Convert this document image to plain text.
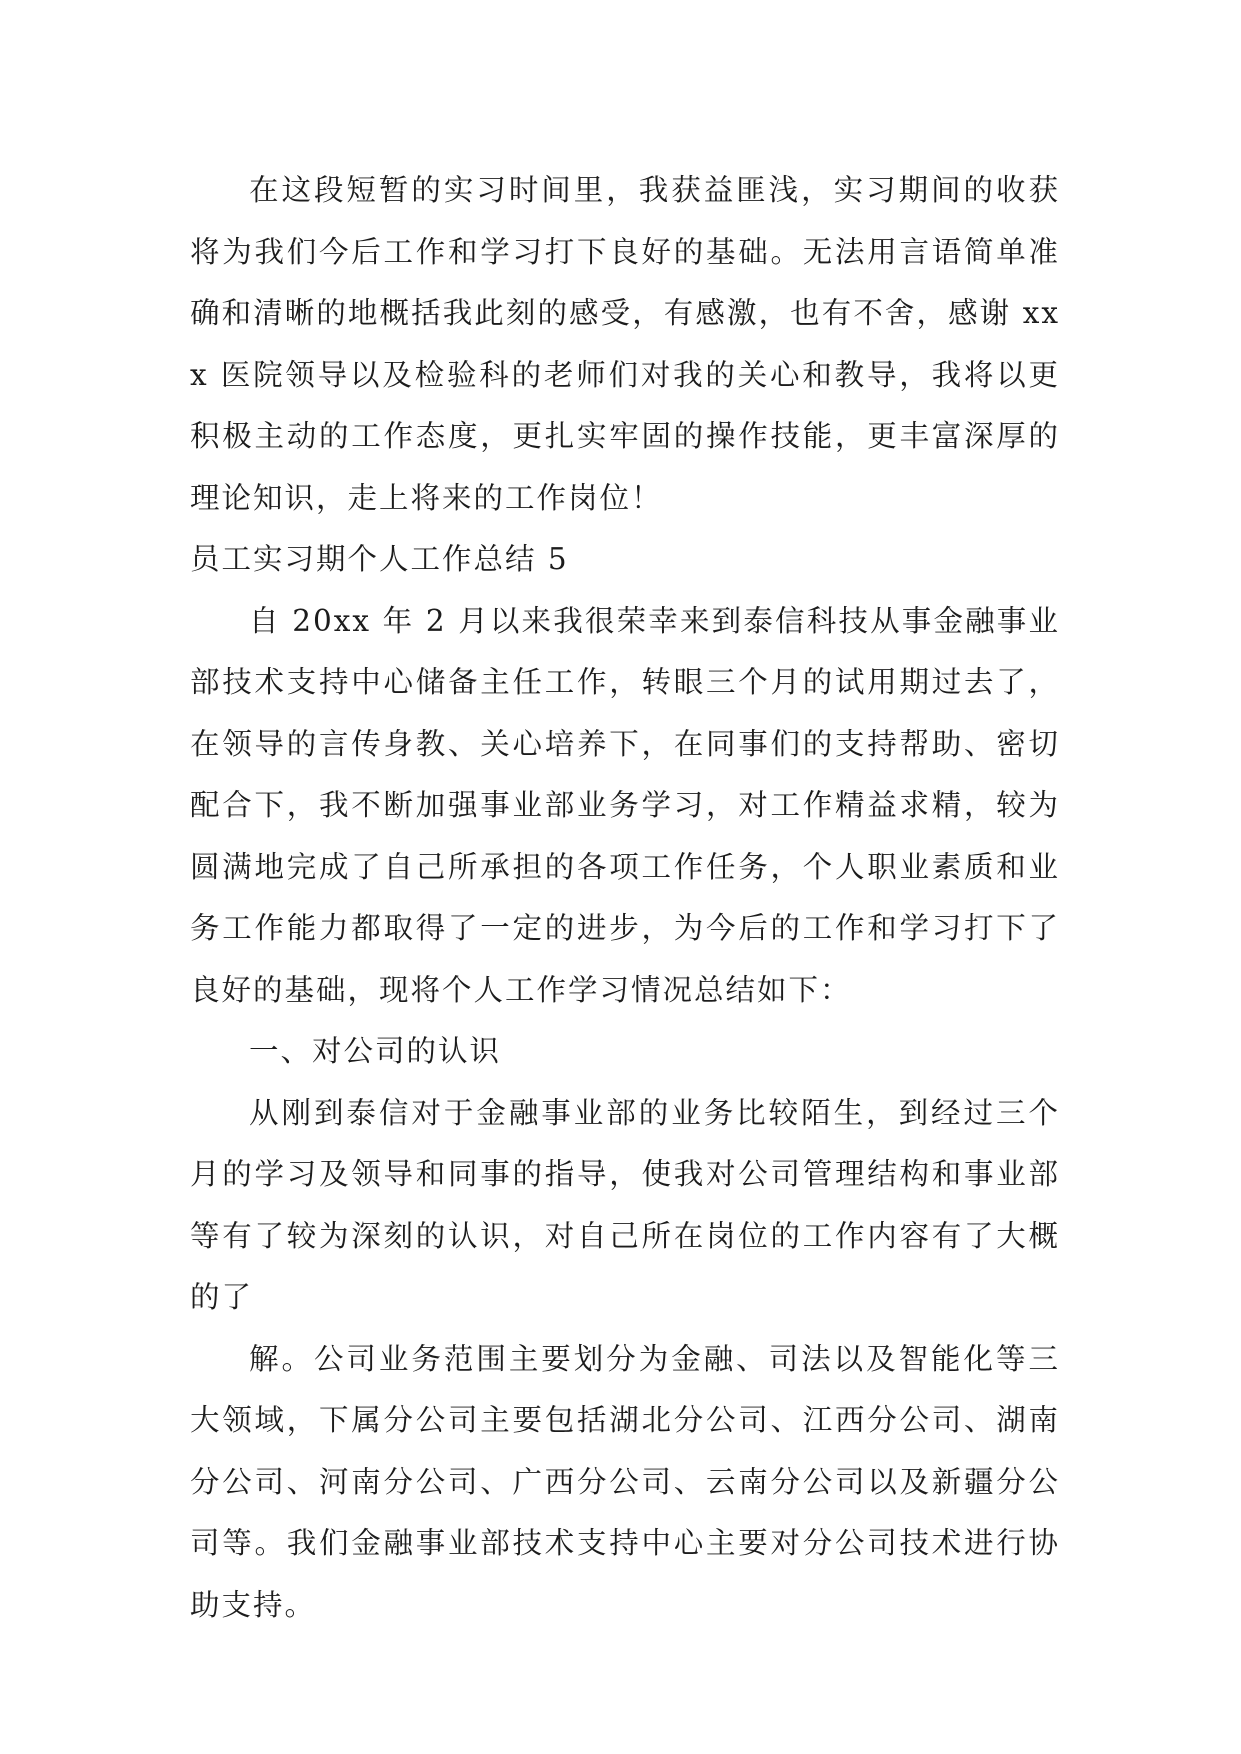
在这段短暂的实习时间里，我获益匪浅，实习期间的收获将为我们今后工作和学习打下良好的基础。无法用言语简单准确和清晰的地概括我此刻的感受，有感激，也有不舍，感谢 xxx 医院领导以及检验科的老师们对我的关心和教导，我将以更积极主动的工作态度，更扎实牢固的操作技能，更丰富深厚的理论知识，走上将来的工作岗位！

员工实习期个人工作总结 5

自 20xx 年 2 月以来我很荣幸来到泰信科技从事金融事业部技术支持中心储备主任工作，转眼三个月的试用期过去了，在领导的言传身教、关心培养下，在同事们的支持帮助、密切配合下，我不断加强事业部业务学习，对工作精益求精，较为圆满地完成了自己所承担的各项工作任务，个人职业素质和业务工作能力都取得了一定的进步，为今后的工作和学习打下了良好的基础，现将个人工作学习情况总结如下：

一、对公司的认识

从刚到泰信对于金融事业部的业务比较陌生，到经过三个月的学习及领导和同事的指导，使我对公司管理结构和事业部等有了较为深刻的认识，对自己所在岗位的工作内容有了大概的了

解。公司业务范围主要划分为金融、司法以及智能化等三大领域，下属分公司主要包括湖北分公司、江西分公司、湖南分公司、河南分公司、广西分公司、云南分公司以及新疆分公司等。我们金融事业部技术支持中心主要对分公司技术进行协助支持。
